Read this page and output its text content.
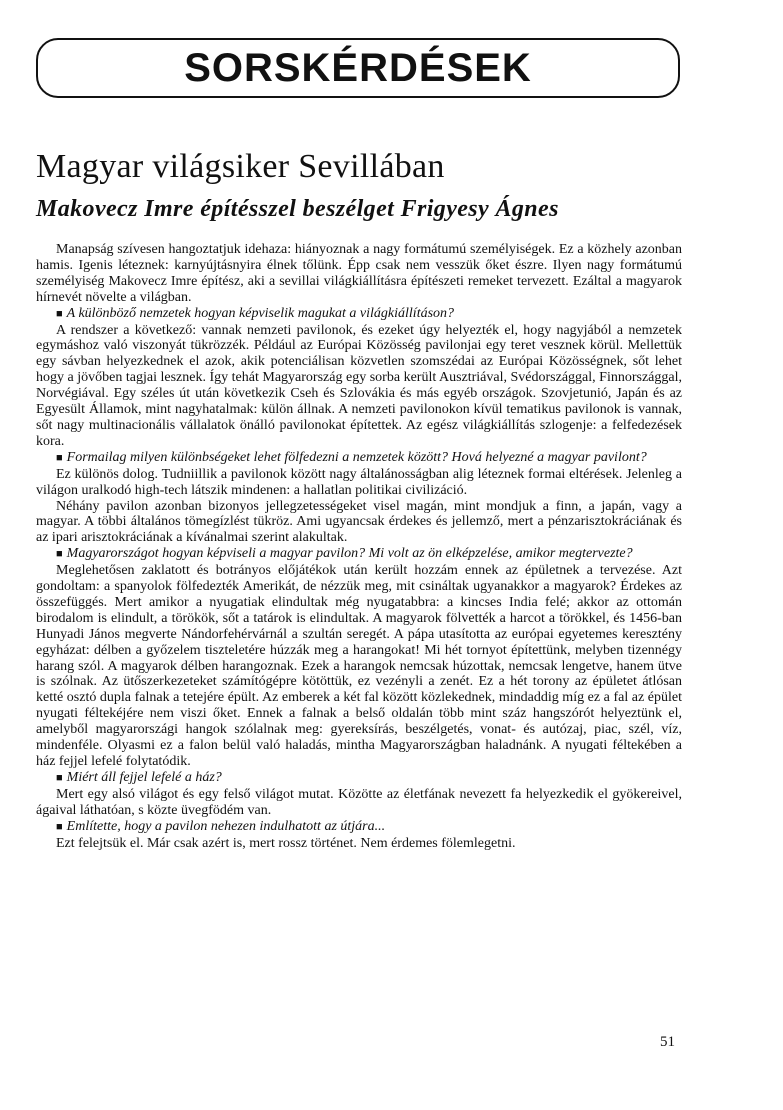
SORSKÉRDÉSEK
Magyar világsiker Sevillában
Makovecz Imre építésszel beszélget Frigyesy Ágnes

Manapság szívesen hangoztatjuk idehaza: hiányoznak a nagy formátumú személyiségek. Ez a közhely azonban hamis. Igenis léteznek: karnyújtásnyira élnek tőlünk. Épp csak nem vesszük őket észre. Ilyen nagy formátumú személyiség Makovecz Imre építész, aki a sevillai világkiállításra építészeti remeket tervezett. Ezáltal a magyarok hírnevét növelte a világban.

■ A különböző nemzetek hogyan képviselik magukat a világkiállításon?

A rendszer a következő: vannak nemzeti pavilonok, és ezeket úgy helyezték el, hogy nagyjából a nemzetek egymáshoz való viszonyát tükrözzék. Például az Európai Közösség pavilonjai egy teret vesznek körül. Mellettük egy sávban helyezkednek el azok, akik potenciálisan közvetlen szomszédai az Európai Közösségnek, sőt lehet hogy a jövőben tagjai lesznek. Így tehát Magyarország egy sorba került Ausztriával, Svédországgal, Finnországgal, Norvégiával. Egy széles út után következik Cseh és Szlovákia és más egyéb országok. Szovjetunió, Japán és az Egyesült Államok, mint nagyhatalmak: külön állnak. A nemzeti pavilonokon kívül tematikus pavilonok is vannak, sőt nagy multinacionális vállalatok önálló pavilonokat építettek. Az egész világkiállítás szlogenje: a felfedezések kora.

■ Formailag milyen különbségeket lehet fölfedezni a nemzetek között? Hová helyezné a magyar pavilont?

Ez különös dolog. Tudniillik a pavilonok között nagy általánosságban alig léteznek formai eltérések. Jelenleg a világon uralkodó high-tech látszik mindenen: a hallatlan politikai civilizáció.

Néhány pavilon azonban bizonyos jellegzetességeket visel magán, mint mondjuk a finn, a japán, vagy a magyar. A többi általános tömegízlést tükröz. Ami ugyancsak érdekes és jellemző, mert a pénzarisztokráciának és az ipari arisztokráciának a kívánalmai szerint alakultak.

■ Magyarországot hogyan képviseli a magyar pavilon? Mi volt az ön elképzelése, amikor megtervezte?

Meglehetősen zaklatott és botrányos előjátékok után került hozzám ennek az épületnek a tervezése. Azt gondoltam: a spanyolok fölfedezték Amerikát, de nézzük meg, mit csináltak ugyanakkor a magyarok? Érdekes az összefüggés. Mert amikor a nyugatiak elindultak még nyugatabbra: a kincses India felé; akkor az ottomán birodalom is elindult, a törökök, sőt a tatárok is elindultak. A magyarok fölvették a harcot a törökkel, és 1456-ban Hunyadi János megverte Nándorfehérvárnál a szultán seregét. A pápa utasította az európai egyetemes keresztény egyházat: délben a győzelem tiszteletére húzzák meg a harangokat! Mi hét tornyot építettünk, melyben tizennégy harang szól. A magyarok délben harangoznak. Ezek a harangok nemcsak húzottak, nemcsak lengetve, hanem ütve is szólnak. Az ütőszerkezeteket számítógépre kötöttük, ez vezényli a zenét. Ez a hét torony az épületet átlósan ketté osztó dupla falnak a tetejére épült. Az emberek a két fal között közlekednek, mindaddig míg ez a fal az épület nyugati féltekéjére nem viszi őket. Ennek a falnak a belső oldalán több mint száz hangszórót helyeztünk el, amelyből magyarországi hangok szólalnak meg: gyereksírás, beszélgetés, vonat- és autózaj, piac, szél, víz, mindenféle. Olyasmi ez a falon belül való haladás, mintha Magyarországban haladnánk. A nyugati féltekében a ház fejjel lefelé folytatódik.

■ Miért áll fejjel lefelé a ház?

Mert egy alsó világot és egy felső világot mutat. Közötte az életfának nevezett fa helyezkedik el gyökereivel, ágaival láthatóan, s közte üvegfödém van.

■ Említette, hogy a pavilon nehezen indulhatott az útjára...

Ezt felejtsük el. Már csak azért is, mert rossz történet. Nem érdemes fölemlegetni.

51
